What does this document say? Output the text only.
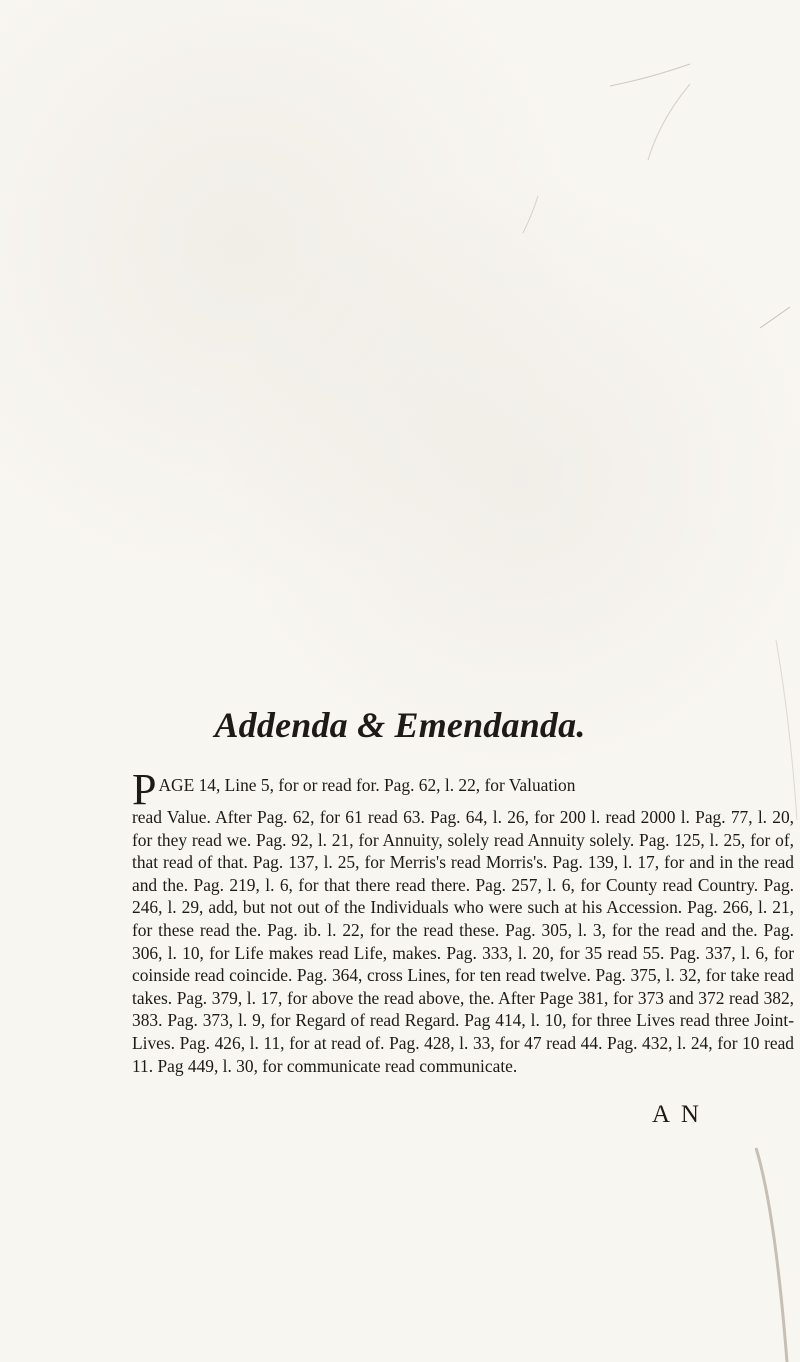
Addenda & Emendanda.
PAGE 14, Line 5, for or read for. Pag. 62, l. 22, for Valuation
read Value. After Pag. 62, for 61 read 63. Pag. 64, l. 26, for 200 l. read 2000 l. Pag. 77, l. 20, for they read we. Pag. 92, l. 21, for Annuity, solely read Annuity solely. Pag. 125, l. 25, for of, that read of that. Pag. 137, l. 25, for Merris's read Morris's. Pag. 139, l. 17, for and in the read and the. Pag. 219, l. 6, for that there read there. Pag. 257, l. 6, for County read Country. Pag. 246, l. 29, add, but not out of the Individuals who were such at his Accession. Pag. 266, l. 21, for these read the. Pag. ib. l. 22, for the read these. Pag. 305, l. 3, for the read and the. Pag. 306, l. 10, for Life makes read Life, makes. Pag. 333, l. 20, for 35 read 55. Pag. 337, l. 6, for coinside read coincide. Pag. 364, cross Lines, for ten read twelve. Pag. 375, l. 32, for take read takes. Pag. 379, l. 17, for above the read above, the. After Page 381, for 373 and 372 read 382, 383. Pag. 373, l. 9, for Regard of read Regard. Pag 414, l. 10, for three Lives read three Joint-Lives. Pag. 426, l. 11, for at read of. Pag. 428, l. 33, for 47 read 44. Pag. 432, l. 24, for 10 read 11. Pag 449, l. 30, for communicate read communicate.
A N
